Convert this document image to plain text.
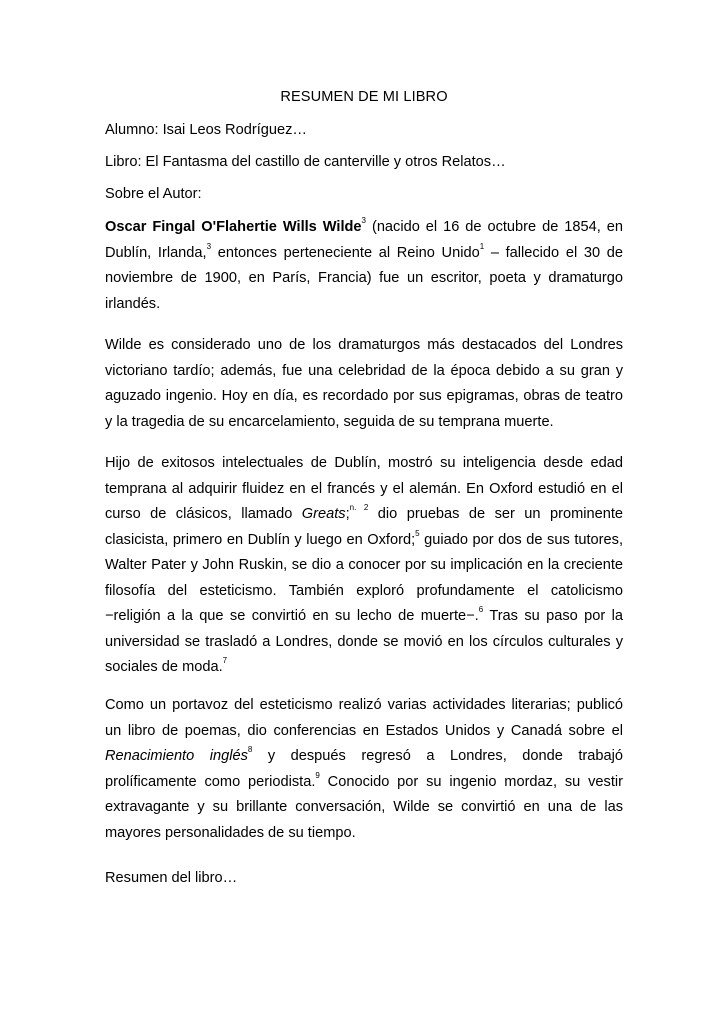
RESUMEN DE MI LIBRO
Alumno: Isai Leos Rodríguez…
Libro: El Fantasma del castillo de canterville y otros Relatos…
Sobre el Autor:

Oscar Fingal O'Flahertie Wills Wilde$^3$ (nacido el 16 de octubre de 1854, en Dublín, Irlanda,$^3$ entonces perteneciente al Reino Unido$^1$ – fallecido el 30 de noviembre de 1900, en París, Francia) fue un escritor, poeta y dramaturgo irlandés.

Wilde es considerado uno de los dramaturgos más destacados del Londres victoriano tardío; además, fue una celebridad de la época debido a su gran y aguzado ingenio. Hoy en día, es recordado por sus epigramas, obras de teatro y la tragedia de su encarcelamiento, seguida de su temprana muerte.

Hijo de exitosos intelectuales de Dublín, mostró su inteligencia desde edad temprana al adquirir fluidez en el francés y el alemán. En Oxford estudió en el curso de clásicos, llamado Greats;$^{n. 2}$ dio pruebas de ser un prominente clasicista, primero en Dublín y luego en Oxford;$^5$ guiado por dos de sus tutores, Walter Pater y John Ruskin, se dio a conocer por su implicación en la creciente filosofía del esteticismo. También exploró profundamente el catolicismo −religión a la que se convirtió en su lecho de muerte−.$^6$ Tras su paso por la universidad se trasladó a Londres, donde se movió en los círculos culturales y sociales de moda.$^7$

Como un portavoz del esteticismo realizó varias actividades literarias; publicó un libro de poemas, dio conferencias en Estados Unidos y Canadá sobre el Renacimiento inglés$^8$ y después regresó a Londres, donde trabajó prolíficamente como periodista.$^9$ Conocido por su ingenio mordaz, su vestir extravagante y su brillante conversación, Wilde se convirtió en una de las mayores personalidades de su tiempo.

Resumen del libro…
